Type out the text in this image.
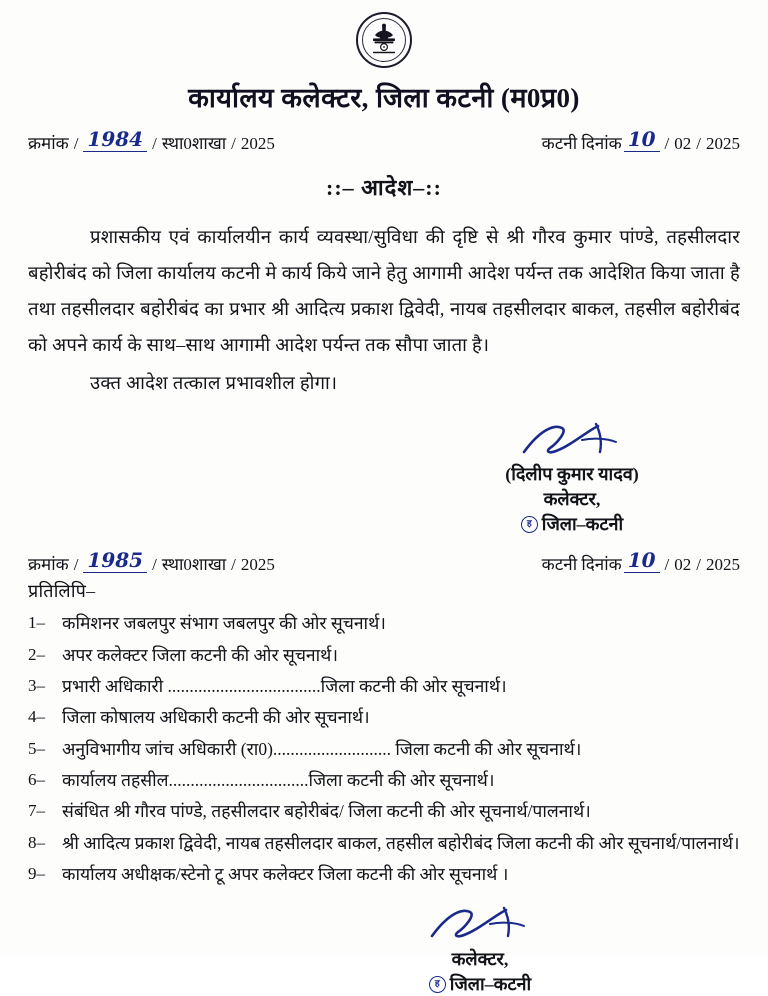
कार्यालय कलेक्टर, जिला कटनी (म0प्र0)
क्रमांक / 1984 / स्था0शाखा / 2025	कटनी दिनांक 10 / 02 / 2025
::– आदेश–::

प्रशासकीय एवं कार्यालयीन कार्य व्यवस्था/सुविधा की दृष्टि से श्री गौरव कुमार पांण्डे, तहसीलदार बहोरीबंद को जिला कार्यालय कटनी मे कार्य किये जाने हेतु आगामी आदेश पर्यन्त तक आदेशित किया जाता है तथा तहसीलदार बहोरीबंद का प्रभार श्री आदित्य प्रकाश द्विवेदी, नायब तहसीलदार बाकल, तहसील बहोरीबंद को अपने कार्य के साथ–साथ आगामी आदेश पर्यन्त तक सौपा जाता है।

उक्त आदेश तत्काल प्रभावशील होगा।

(दिलीप कुमार यादव)
कलेक्टर,
ह जिला–कटनी
क्रमांक / 1985 / स्था0शाखा / 2025	कटनी दिनांक 10 / 02 / 2025
प्रतिलिपि–
1– कमिशनर जबलपुर संभाग जबलपुर की ओर सूचनार्थ।
2– अपर कलेक्टर जिला कटनी की ओर सूचनार्थ।
3– प्रभारी अधिकारी ...................................जिला कटनी की ओर सूचनार्थ।
4– जिला कोषालय अधिकारी कटनी की ओर सूचनार्थ।
5– अनुविभागीय जांच अधिकारी (रा0)........................... जिला कटनी की ओर सूचनार्थ।
6– कार्यालय तहसील................................जिला कटनी की ओर सूचनार्थ।
7– संबंधित श्री गौरव पांण्डे, तहसीलदार बहोरीबंद/ जिला कटनी की ओर सूचनार्थ/पालनार्थ।
8– श्री आदित्य प्रकाश द्विवेदी, नायब तहसीलदार बाकल, तहसील बहोरीबंद जिला कटनी की ओर सूचनार्थ/पालनार्थ।
9– कार्यालय अधीक्षक/स्टेनो टू अपर कलेक्टर जिला कटनी की ओर सूचनार्थ ।
कलेक्टर,
ह जिला–कटनी
